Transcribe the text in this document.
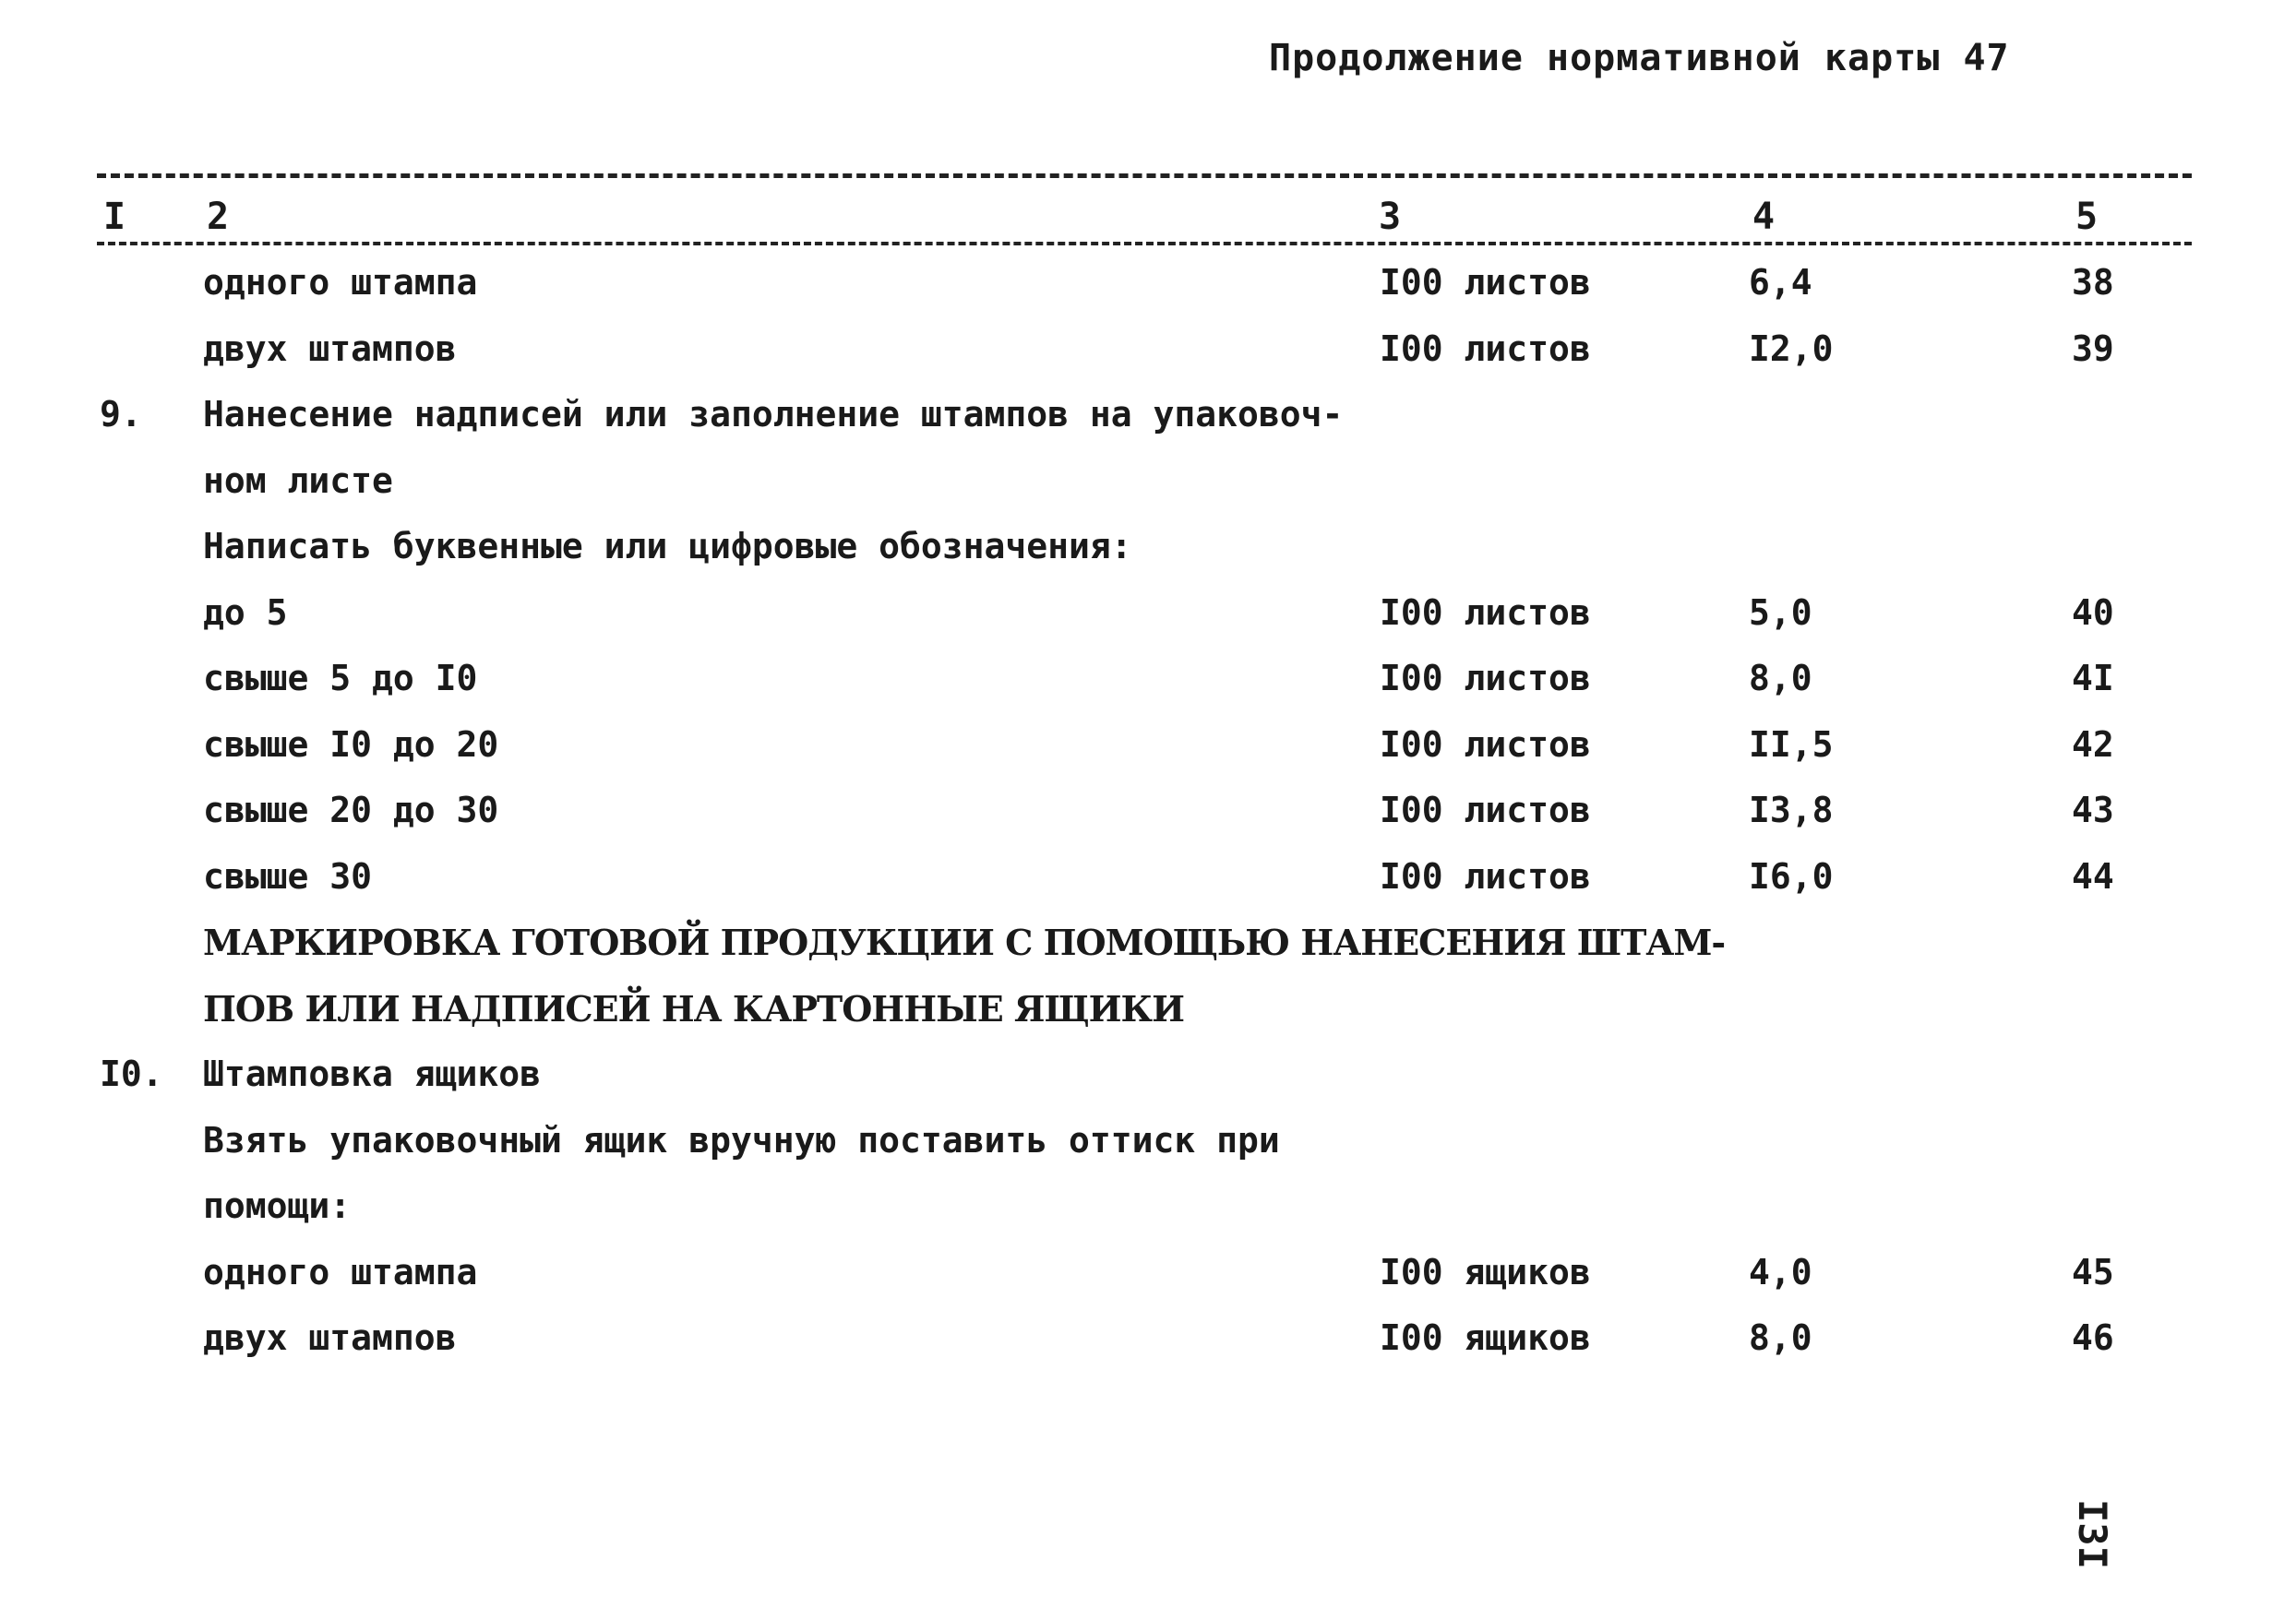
Продолжение нормативной карты 47
I 2	3	4	5
одного штампа	I00 листов	6,4	38
двух штампов	I00 листов	I2,0	39
9. Нанесение надписей или заполнение штампов на упаковоч-
ном листе
Написать буквенные или цифровые обозначения:
до 5	I00 листов	5,0	40
свыше 5 до I0	I00 листов	8,0	4I
свыше I0 до 20	I00 листов	II,5	42
свыше 20 до 30	I00 листов	I3,8	43
свыше 30	I00 листов	I6,0	44
МАРКИРОВКА ГОТОВОЙ ПРОДУКЦИИ С ПОМОЩЬЮ НАНЕСЕНИЯ ШТАМ-
ПОВ ИЛИ НАДПИСЕЙ НА КАРТОННЫЕ ЯЩИКИ
I0. Штамповка ящиков
Взять упаковочный ящик вручную поставить оттиск при
помощи:
одного штампа	I00 ящиков	4,0	45
двух штампов	I00 ящиков	8,0	46
I3I
